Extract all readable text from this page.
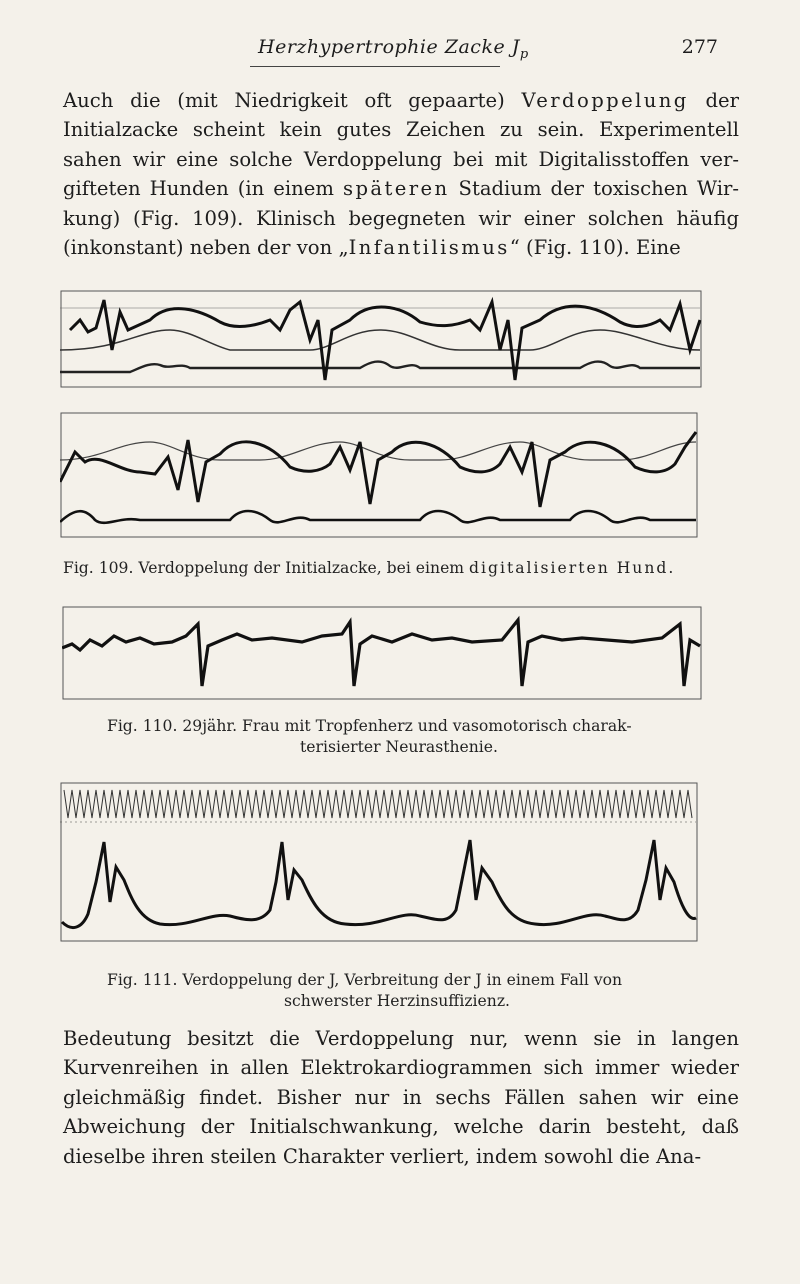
Herzhypertrophie Zacke $J_p$	277

Auch die (mit Niedrigkeit oft gepaarte) Verdoppelung der Initialzacke scheint kein gutes Zeichen zu sein. Experimentell sahen wir eine solche Verdoppelung bei mit Digitalisstoffen ver-gifteten Hunden (in einem späteren Stadium der toxischen Wir-kung) (Fig. 109). Klinisch begegneten wir einer solchen häufig (inkonstant) neben der von „Infantilismus“ (Fig. 110). Eine

Fig. 109. Verdoppelung der Initialzacke, bei einem digitalisierten Hund.
Fig. 110. 29jähr. Frau mit Tropfenherz und vasomotorisch charak-
terisierter Neurasthenie.
Fig. 111. Verdoppelung der J, Verbreitung der J in einem Fall von
schwerster Herzinsuffizienz.

Bedeutung besitzt die Verdoppelung nur, wenn sie in langen Kurvenreihen in allen Elektrokardiogrammen sich immer wieder gleichmäßig findet. Bisher nur in sechs Fällen sahen wir eine Abweichung der Initialschwankung, welche darin besteht, daß dieselbe ihren steilen Charakter verliert, indem sowohl die Ana-
